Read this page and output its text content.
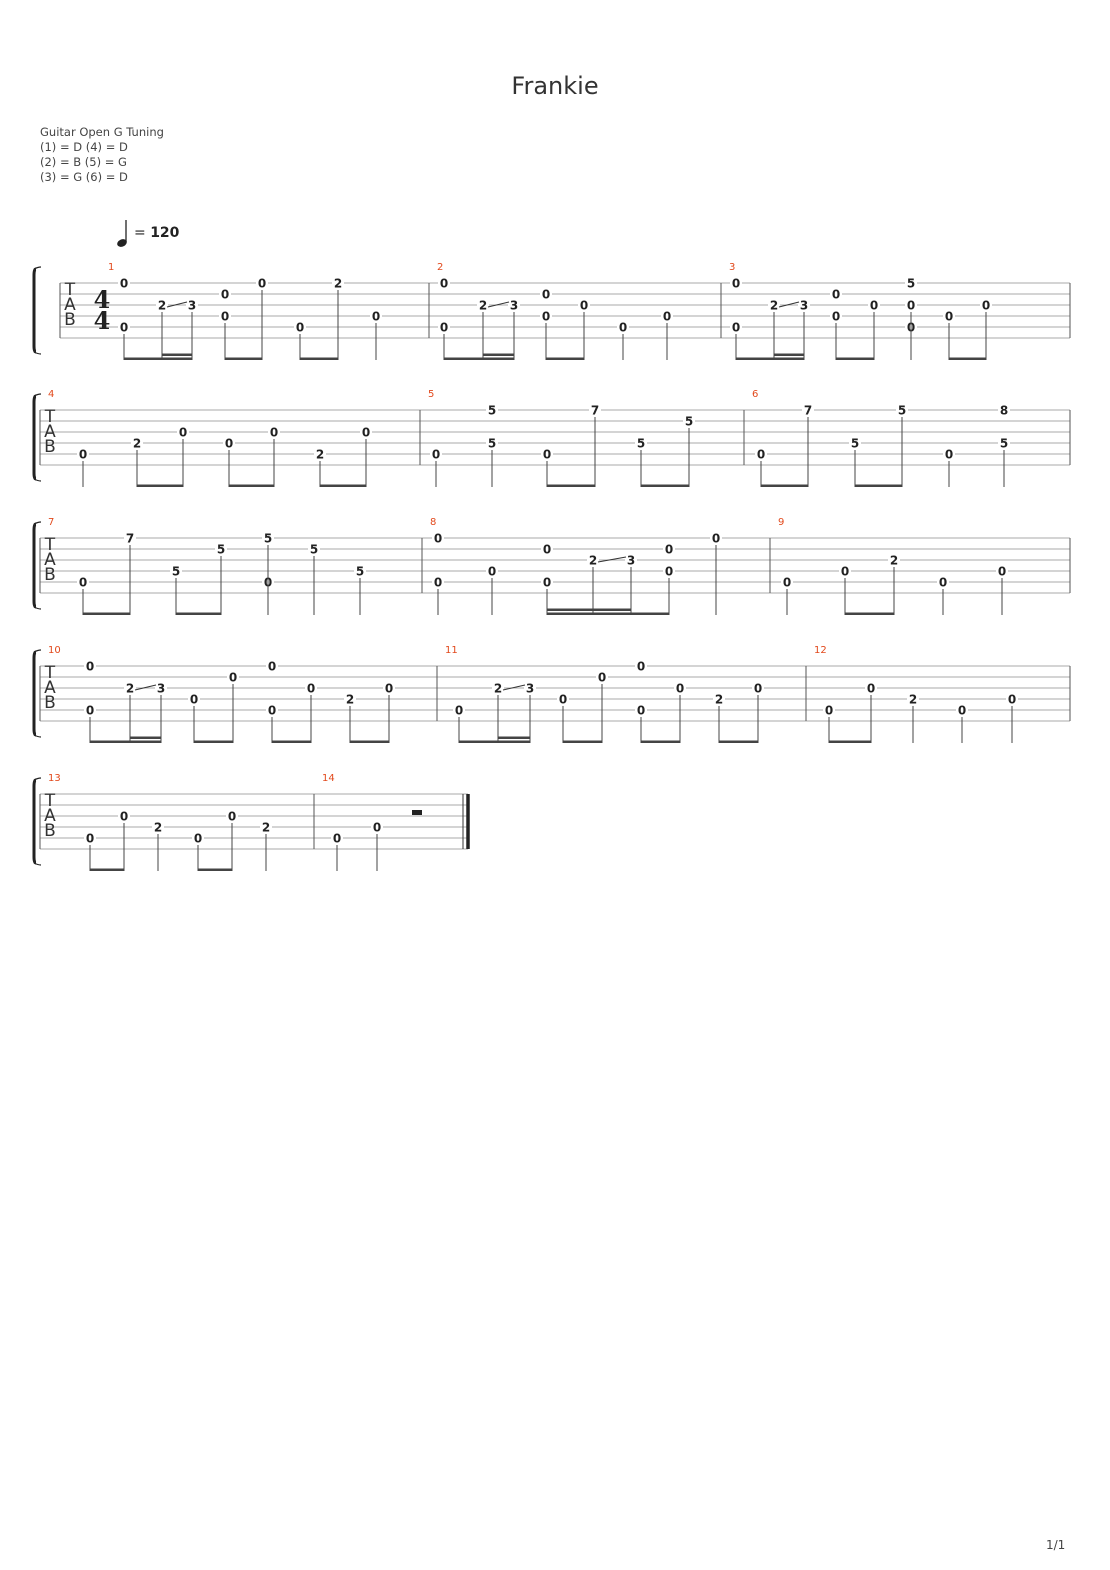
Frankie
Guitar Open G Tuning
(1) = D (4) = D
(2) = B (5) = G
(3) = G (6) = D
= 120
T
A
B
4
4
1
0
0
2 3
0
0
0
0
2
0
2
0
0
2 3
0
0
0
0
0
3
0
0
2 3
0
0
0
0
5
0
0
0
T
A
B
4
0
2
0
0
0
2
0
5
0
5
5
0
7
5
5
6
0
7
5
5
0
8
5
T
A
B
7
0
7
5
5
0
5
5
5
8
0
0
0
0
0
2 3
0
0
0
9
0
0
2
0
0
T
A
B
10
0
0
2 3
0
0
0
0
0
2
0
11
0
2 3
0
0
0
0
0
2
0
12
0
0
2
0
0
T
A
B
13
0
0
2
0
0
2
14
0
0
1/1
